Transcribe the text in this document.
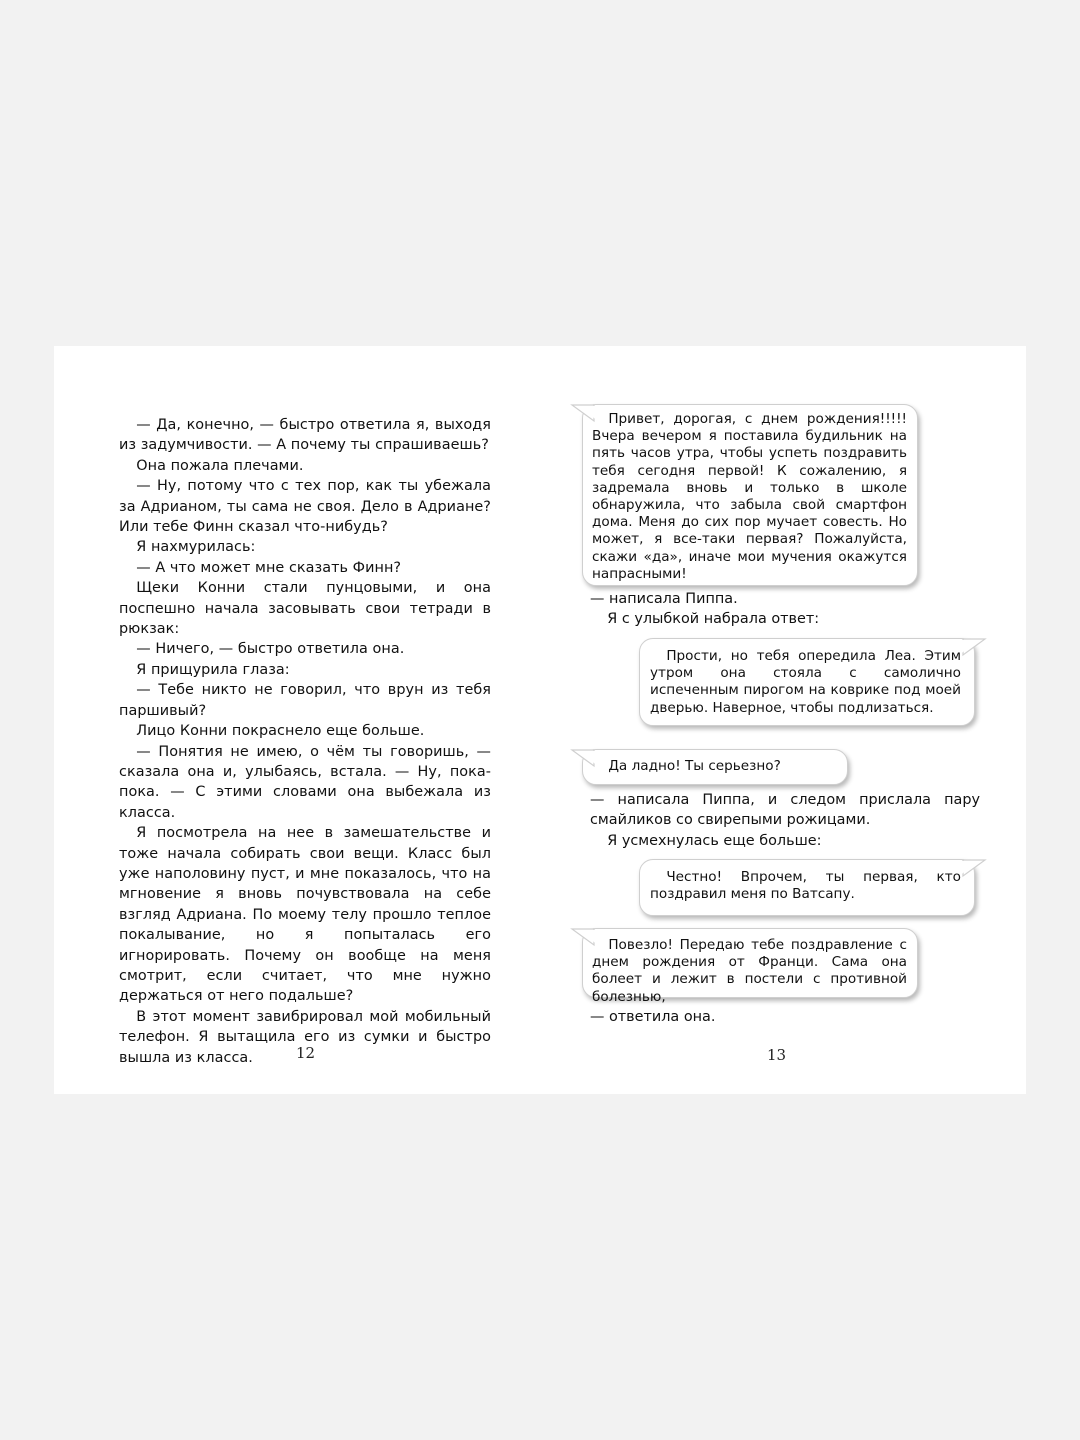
— Да, конечно, — быстро ответила я, выходя из задумчивости. — А почему ты спрашиваешь?

Она пожала плечами.

— Ну, потому что с тех пор, как ты убежала за Адрианом, ты сама не своя. Дело в Адриане? Или тебе Финн сказал что-нибудь?

Я нахмурилась:

— А что может мне сказать Финн?

Щеки Конни стали пунцовыми, и она поспешно начала засовывать свои тетради в рюкзак:

— Ничего, — быстро ответила она.

Я прищурила глаза:

— Тебе никто не говорил, что врун из тебя паршивый?

Лицо Конни покраснело еще больше.

— Понятия не имею, о чём ты говоришь, — сказала она и, улыбаясь, встала. — Ну, пока-пока. — С этими словами она выбежала из класса.

Я посмотрела на нее в замешательстве и тоже начала собирать свои вещи. Класс был уже наполовину пуст, и мне показалось, что на мгновение я вновь почувствовала на себе взгляд Адриана. По моему телу прошло теплое покалывание, но я попыталась его игнорировать. Почему он вообще на меня смотрит, если считает, что мне нужно держаться от него подальше?

В этот момент завибрировал мой мобильный телефон. Я вытащила его из сумки и быстро вышла из класса.	12
Привет, дорогая, с днем рождения!!!!! Вчера вечером я поставила будильник на пять часов утра, чтобы успеть поздравить тебя сегодня первой! К сожалению, я задремала вновь и только в школе обнаружила, что забыла свой смартфон дома. Меня до сих пор мучает совесть. Но может, я все-таки первая? Пожалуйста, скажи «да», иначе мои мучения окажутся напрасными!
— написала Пиппа.
Я с улыбкой набрала ответ:
Прости, но тебя опередила Леа. Этим утром она стояла с самолично испеченным пирогом на коврике под моей дверью. Наверное, чтобы подлизаться.
Да ладно! Ты серьезно?
— написала Пиппа, и следом прислала пару смайликов со свирепыми рожицами.
Я усмехнулась еще больше:
Честно! Впрочем, ты первая, кто поздравил меня по Ватсапу.
Повезло! Передаю тебе поздравление с днем рождения от Франци. Сама она болеет и лежит в постели с противной болезнью,
— ответила она.
13
